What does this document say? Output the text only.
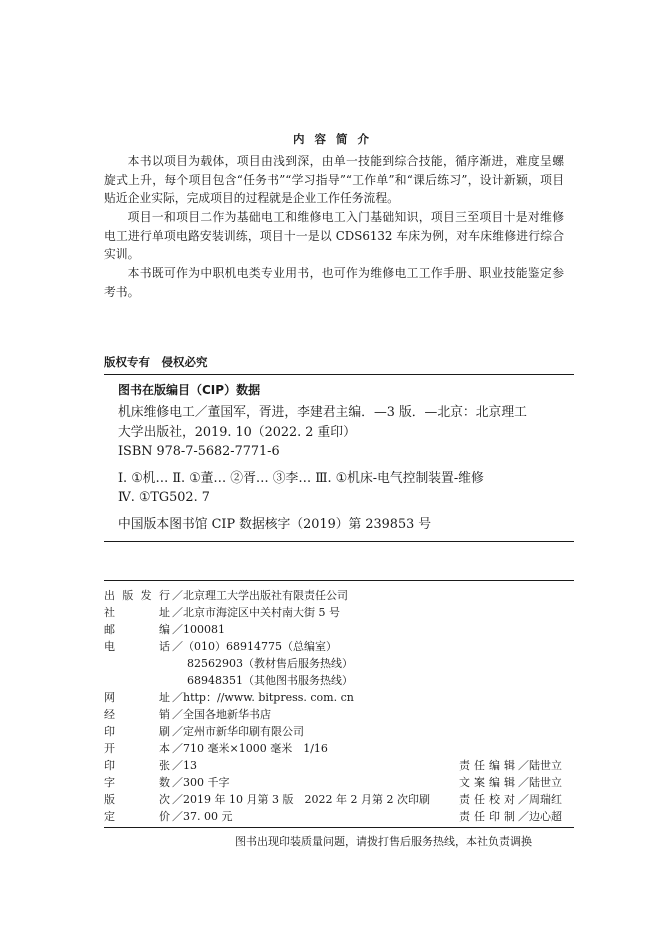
内 容 简 介
本书以项目为载体，项目由浅到深，由单一技能到综合技能，循序渐进，难度呈螺旋式上升，每个项目包含“任务书”“学习指导”“工作单”和“课后练习”，设计新颖，项目贴近企业实际，完成项目的过程就是企业工作任务流程。
项目一和项目二作为基础电工和维修电工入门基础知识，项目三至项目十是对维修电工进行单项电路安装训练，项目十一是以 CDS6132 车床为例，对车床维修进行综合实训。
本书既可作为中职机电类专业用书，也可作为维修电工工作手册、职业技能鉴定参考书。
版权专有　侵权必究
图书在版编目（CIP）数据
机床维修电工／董国军，胥进，李建君主编．—3 版．—北京：北京理工
大学出版社，2019. 10（2022. 2 重印）
ISBN 978-7-5682-7771-6
Ⅰ. ①机… Ⅱ. ①董… ②胥… ③李… Ⅲ. ①机床-电气控制装置-维修
Ⅳ. ①TG502. 7
中国版本图书馆 CIP 数据核字（2019）第 239853 号
出版发行 ／北京理工大学出版社有限责任公司
社　　址 ／北京市海淀区中关村南大街 5 号
邮　　编 ／100081
电　　话 ／（010）68914775（总编室）
82562903（教材售后服务热线）
68948351（其他图书服务热线）
网　　址 ／http：//www. bitpress. com. cn
经　　销 ／全国各地新华书店
印　　刷 ／定州市新华印刷有限公司
开　　本 ／710 毫米×1000 毫米　1/16
印　　张 ／13	责任编辑 ／陆世立
字　　数 ／300 千字	文案编辑 ／陆世立
版　　次 ／2019 年 10 月第 3 版　2022 年 2 月第 2 次印刷	责任校对 ／周瑞红
定　　价 ／37. 00 元	责任印制 ／边心超
图书出现印装质量问题，请拨打售后服务热线，本社负责调换
